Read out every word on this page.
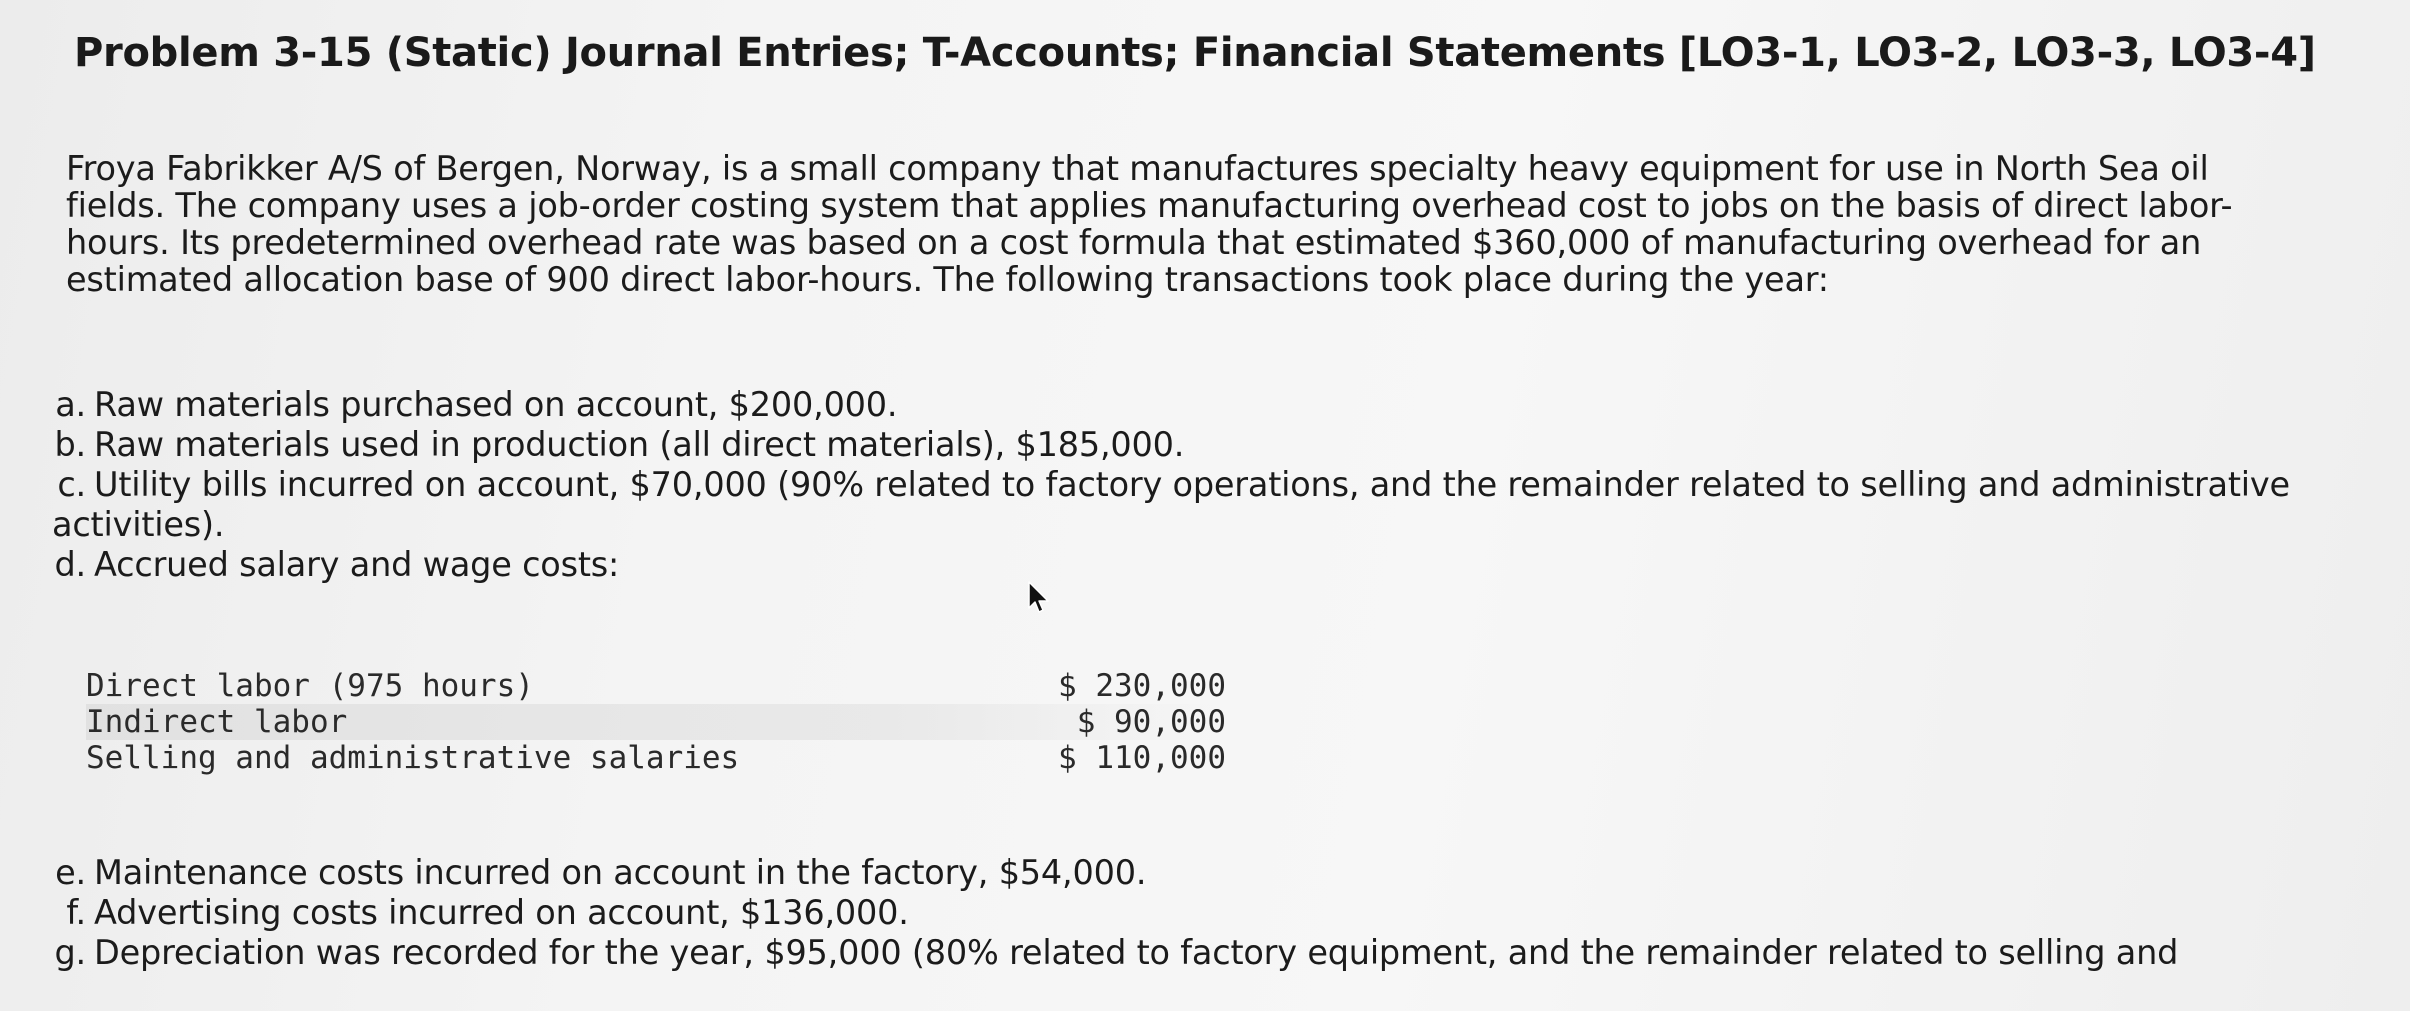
Problem 3-15 (Static) Journal Entries; T-Accounts; Financial Statements [LO3-1, LO3-2, LO3-3, LO3-4]
Froya Fabrikker A/S of Bergen, Norway, is a small company that manufactures specialty heavy equipment for use in North Sea oil
fields. The company uses a job-order costing system that applies manufacturing overhead cost to jobs on the basis of direct labor-
hours. Its predetermined overhead rate was based on a cost formula that estimated $360,000 of manufacturing overhead for an
estimated allocation base of 900 direct labor-hours. The following transactions took place during the year:
a. Raw materials purchased on account, $200,000.
b. Raw materials used in production (all direct materials), $185,000.
c. Utility bills incurred on account, $70,000 (90% related to factory operations, and the remainder related to selling and administrative
activities).
d. Accrued salary and wage costs:
Direct labor (975 hours)	$ 230,000
Indirect labor	$ 90,000
Selling and administrative salaries	$ 110,000
e. Maintenance costs incurred on account in the factory, $54,000.
f. Advertising costs incurred on account, $136,000.
g. Depreciation was recorded for the year, $95,000 (80% related to factory equipment, and the remainder related to selling and
